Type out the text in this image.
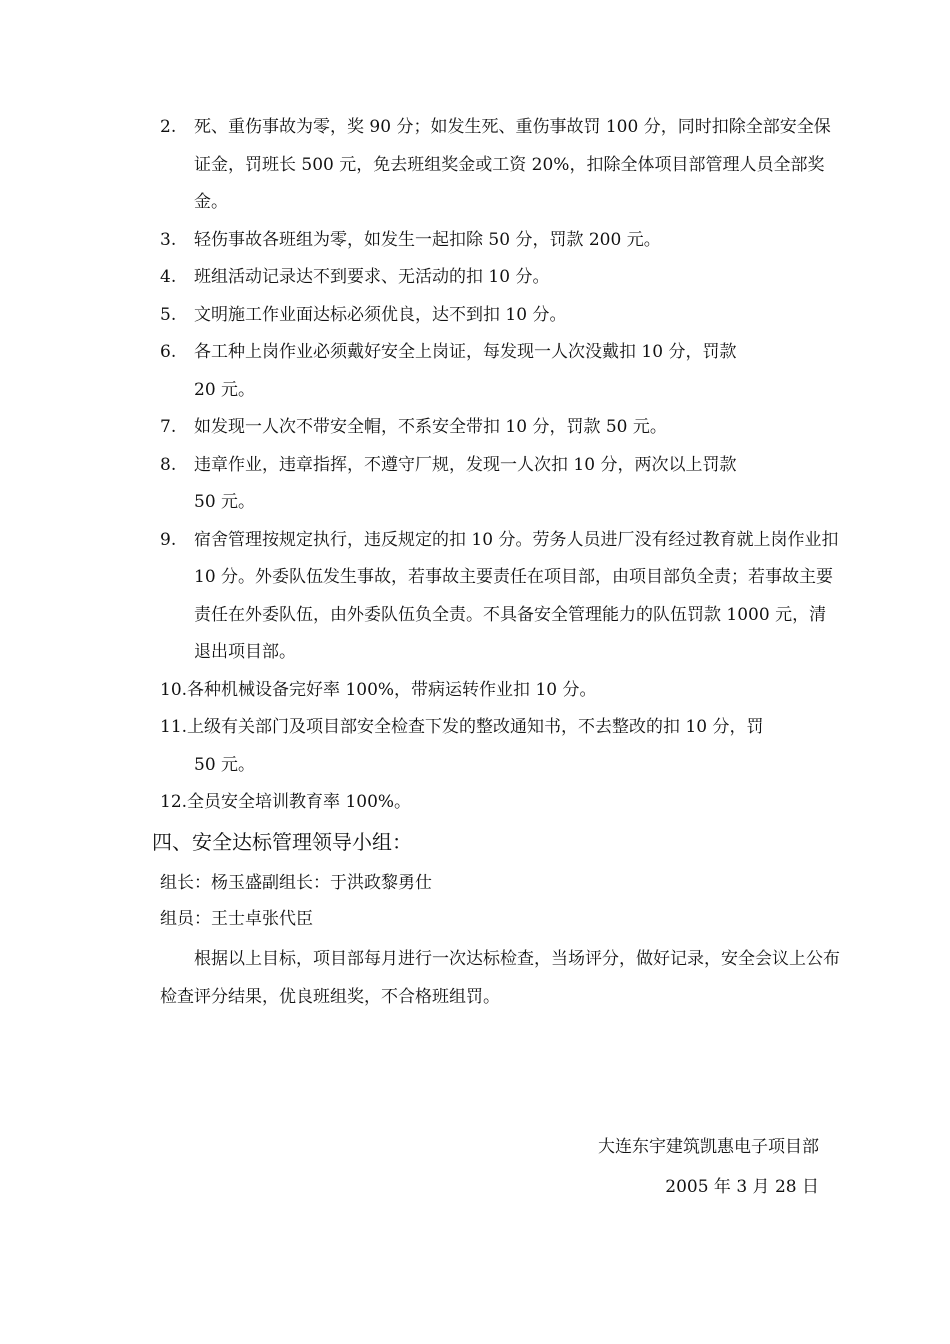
2.	死、重伤事故为零，奖 90 分；如发生死、重伤事故罚 100 分，同时扣除全部安全保证金，罚班长 500 元，免去班组奖金或工资 20%，扣除全体项目部管理人员全部奖金。
3.	轻伤事故各班组为零，如发生一起扣除 50 分，罚款 200 元。
4.	班组活动记录达不到要求、无活动的扣 10 分。
5.	文明施工作业面达标必须优良，达不到扣 10 分。
6.	各工种上岗作业必须戴好安全上岗证，每发现一人次没戴扣 10 分，罚款
20 元。
7.	如发现一人次不带安全帽，不系安全带扣 10 分，罚款 50 元。
8.	违章作业，违章指挥，不遵守厂规，发现一人次扣 10 分，两次以上罚款
50 元。
9.	宿舍管理按规定执行，违反规定的扣 10 分。劳务人员进厂没有经过教育就上岗作业扣 10 分。外委队伍发生事故，若事故主要责任在项目部，由项目部负全责；若事故主要责任在外委队伍，由外委队伍负全责。不具备安全管理能力的队伍罚款 1000 元，清退出项目部。
10.各种机械设备完好率 100%，带病运转作业扣 10 分。
11.上级有关部门及项目部安全检查下发的整改通知书，不去整改的扣 10 分，罚
50 元。
12.全员安全培训教育率 100%。
四、安全达标管理领导小组：

组长：杨玉盛副组长：于洪政黎勇仕

组员：王士卓张代臣

根据以上目标，项目部每月进行一次达标检查，当场评分，做好记录，安全会议上公布检查评分结果，优良班组奖，不合格班组罚。

大连东宇建筑凯惠电子项目部

2005 年 3 月 28 日
